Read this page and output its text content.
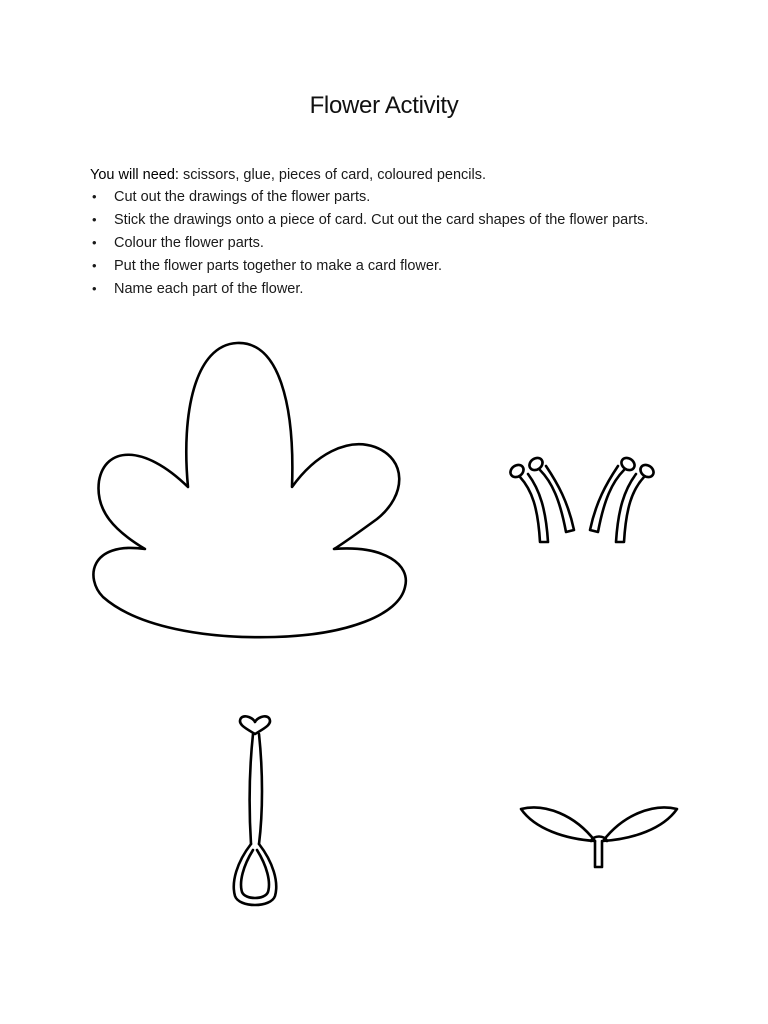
Flower Activity
You will need: scissors, glue, pieces of card, coloured pencils.
• Cut out the drawings of the flower parts.
• Stick the drawings onto a piece of card. Cut out the card shapes of the flower parts.
• Colour the flower parts.
• Put the flower parts together to make a card flower.
• Name each part of the flower.
